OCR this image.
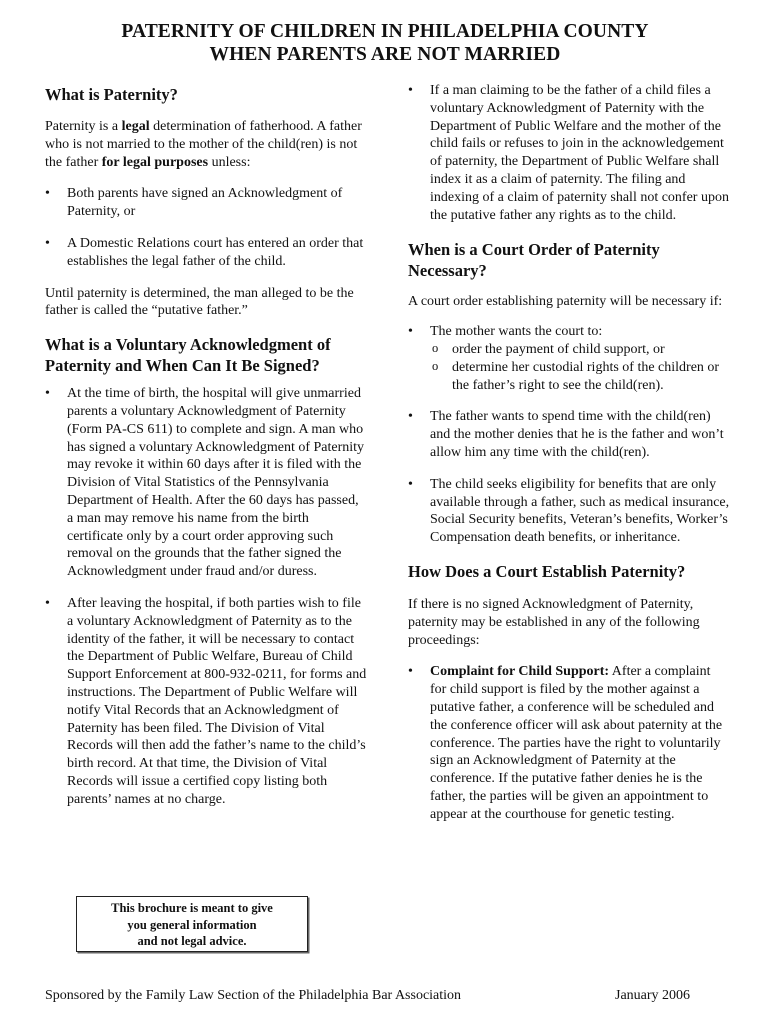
PATERNITY OF CHILDREN IN PHILADELPHIA COUNTY
WHEN PARENTS ARE NOT MARRIED
What is Paternity?

Paternity is a legal determination of fatherhood. A father who is not married to the mother of the child(ren) is not the father for legal purposes unless:

• Both parents have signed an Acknowledgment of Paternity, or
• A Domestic Relations court has entered an order that establishes the legal father of the child.

Until paternity is determined, the man alleged to be the father is called the “putative father.”

What is a Voluntary Acknowledgment of Paternity and When Can It Be Signed?
• At the time of birth, the hospital will give unmarried parents a voluntary Acknowledgment of Paternity (Form PA-CS 611) to complete and sign. A man who has signed a voluntary Acknowledgment of Paternity may revoke it within 60 days after it is filed with the Division of Vital Statistics of the Pennsylvania Department of Health. After the 60 days has passed, a man may remove his name from the birth certificate only by a court order approving such removal on the grounds that the father signed the Acknowledgment under fraud and/or duress.
• After leaving the hospital, if both parties wish to file a voluntary Acknowledgment of Paternity as to the identity of the father, it will be necessary to contact the Department of Public Welfare, Bureau of Child Support Enforcement at 800-932-0211, for forms and instructions. The Department of Public Welfare will notify Vital Records that an Acknowledgment of Paternity has been filed. The Division of Vital Records will then add the father’s name to the child’s birth record. At that time, the Division of Vital Records will issue a certified copy listing both parents’ names at no charge.
This brochure is meant to give
you general information
and not legal advice.
• If a man claiming to be the father of a child files a voluntary Acknowledgment of Paternity with the Department of Public Welfare and the mother of the child fails or refuses to join in the acknowledgement of paternity, the Department of Public Welfare shall index it as a claim of paternity. The filing and indexing of a claim of paternity shall not confer upon the putative father any rights as to the child.
When is a Court Order of Paternity Necessary?

A court order establishing paternity will be necessary if:

• The mother wants the court to:
o order the payment of child support, or
o determine her custodial rights of the children or the father’s right to see the child(ren).
• The father wants to spend time with the child(ren) and the mother denies that he is the father and won’t allow him any time with the child(ren).
• The child seeks eligibility for benefits that are only available through a father, such as medical insurance, Social Security benefits, Veteran’s benefits, Worker’s Compensation death benefits, or inheritance.
How Does a Court Establish Paternity?

If there is no signed Acknowledgment of Paternity, paternity may be established in any of the following proceedings:

• Complaint for Child Support: After a complaint for child support is filed by the mother against a putative father, a conference will be scheduled and the conference officer will ask about paternity at the conference. The parties have the right to voluntarily sign an Acknowledgment of Paternity at the conference. If the putative father denies he is the father, the parties will be given an appointment to appear at the courthouse for genetic testing.
Sponsored by the Family Law Section of the Philadelphia Bar Association	January 2006
